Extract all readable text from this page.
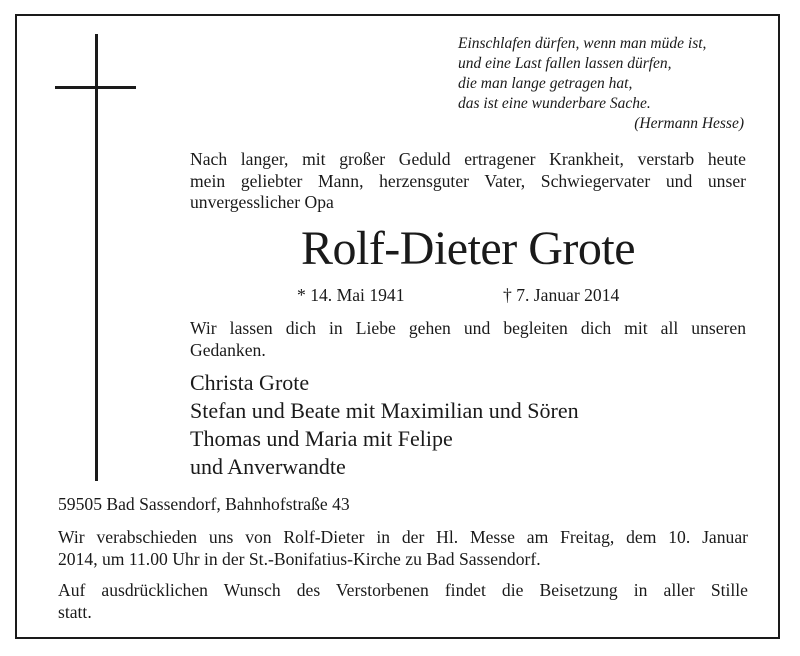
Einschlafen dürfen, wenn man müde ist,
und eine Last fallen lassen dürfen,
die man lange getragen hat,
das ist eine wunderbare Sache.
(Hermann Hesse)
Nach langer, mit großer Geduld ertragener Krankheit, verstarb heute
mein geliebter Mann, herzensguter Vater, Schwiegervater und unser
unvergesslicher Opa
Rolf-Dieter Grote
* 14. Mai 1941	† 7. Januar 2014
Wir lassen dich in Liebe gehen und begleiten dich mit all unseren
Gedanken.
Christa Grote
Stefan und Beate mit Maximilian und Sören
Thomas und Maria mit Felipe
und Anverwandte
59505 Bad Sassendorf, Bahnhofstraße 43
Wir verabschieden uns von Rolf-Dieter in der Hl. Messe am Freitag, dem 10. Januar
2014, um 11.00 Uhr in der St.-Bonifatius-Kirche zu Bad Sassendorf.
Auf ausdrücklichen Wunsch des Verstorbenen findet die Beisetzung in aller Stille
statt.
